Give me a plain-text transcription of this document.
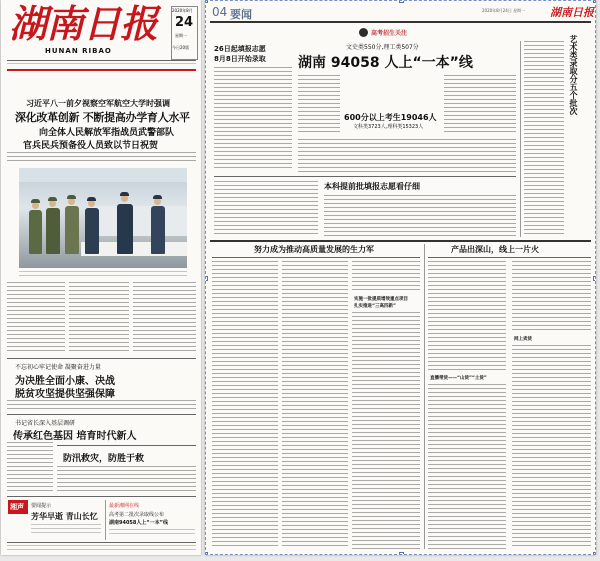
湖南日报
HUNAN RIBAO
2020年8月
24
星期一
今日20版
习近平八一前夕视察空军航空大学时强调
深化改革创新 不断提高办学育人水平
向全体人民解放军指战员武警部队
官兵民兵预备役人员致以节日祝贺
不忘初心牢记使命 凝聚奋进力量
为决胜全面小康、决战
脱贫攻坚提供坚强保障
书记省长深入基层调研
传承红色基因 培育时代新人
防汛救灾，防胜于救
湘声 要闻提示
芳华早逝 青山长忆
最新湘网在线
高考第二批次录取线公布
湖南94058人上“一本”线
04 要闻	2020年8月24日 星期一 湖南日报
高考招生关注
26日起填报志愿
8月8日开始录取
文史类550分,理工类507分
湖南 94058 人上“一本”线
600分以上考生19046人
文科类3723人,理科类15323人
艺术类录取分五个批次
本科提前批填报志愿看仔细
努力成为推动高质量发展的生力军
实施一批提质增效重点项目
扎实推进“三高四新”
产品出深山，线上一片火
网上卖货
直播带货——“山货”“土货”
